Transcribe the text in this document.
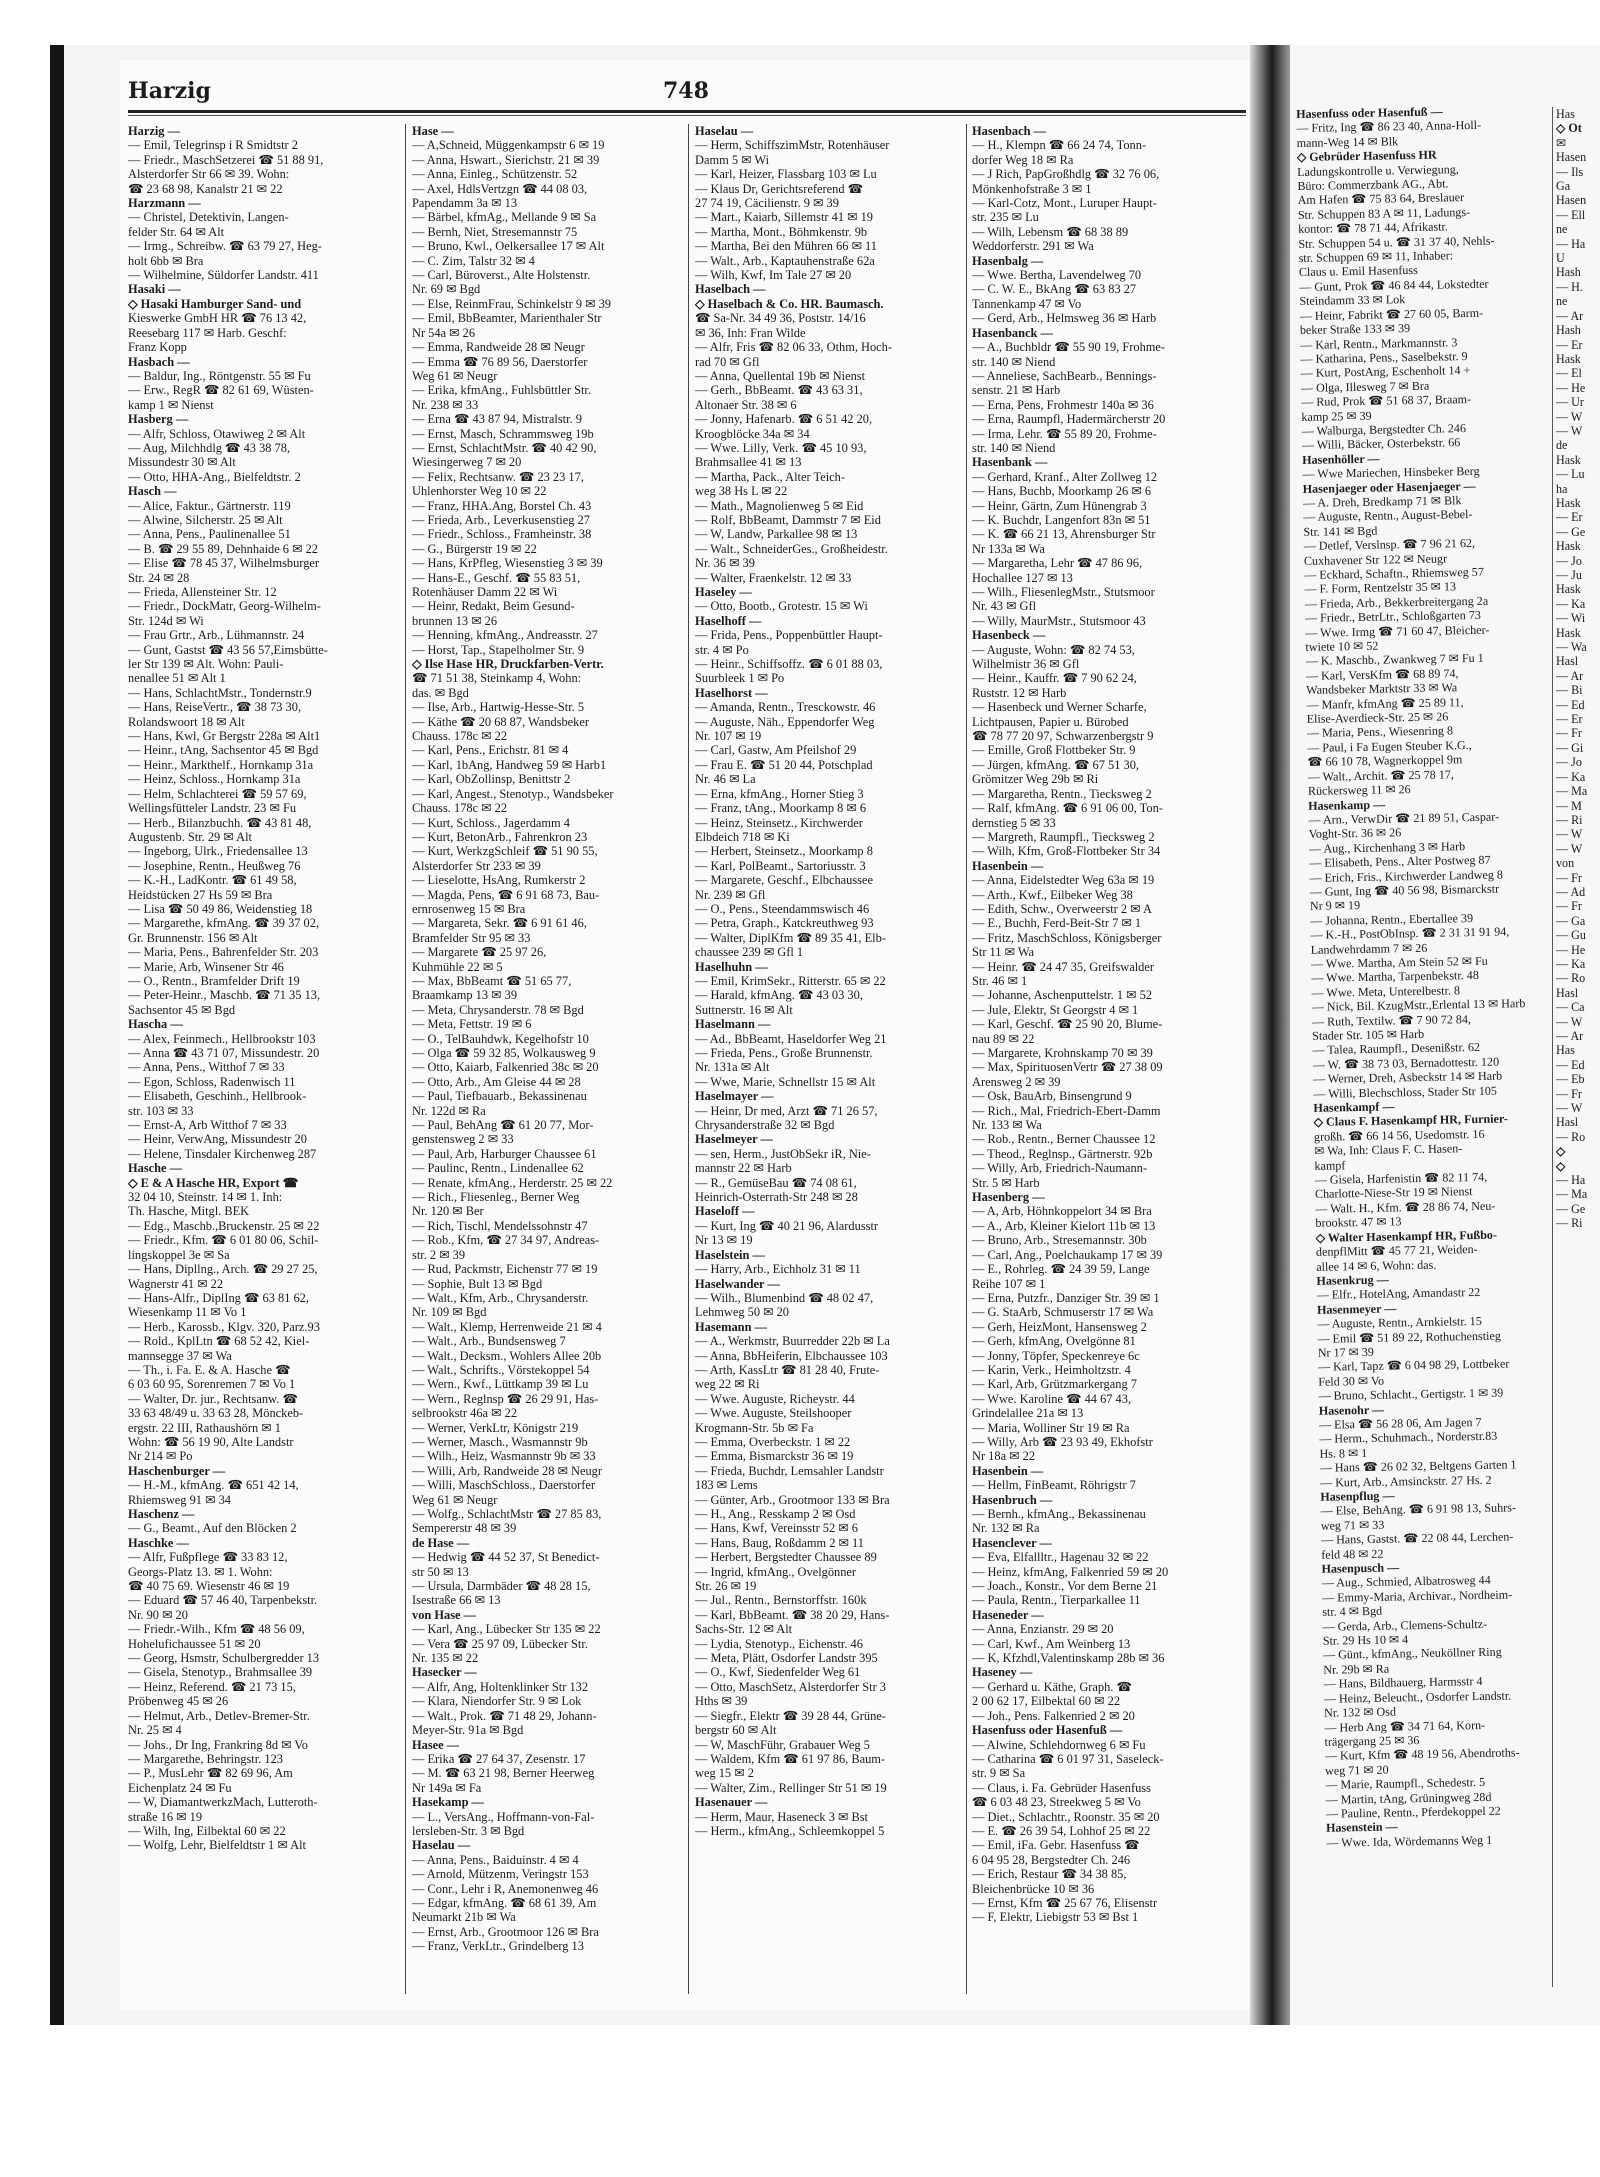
Harzig	748
Harzig —
— Emil, Telegrinsp i R Smidtstr 2
— Friedr., MaschSetzerei ☎ 51 88 91,
Alsterdorfer Str 66 ✉ 39. Wohn:
☎ 23 68 98, Kanalstr 21 ✉ 22
Harzmann —
— Christel, Detektivin, Langen-
felder Str. 64 ✉ Alt
— Irmg., Schreibw. ☎ 63 79 27, Heg-
holt 6bb ✉ Bra
— Wilhelmine, Süldorfer Landstr. 411
Hasaki —
◇ Hasaki Hamburger Sand- und
Kieswerke GmbH HR ☎ 76 13 42,
Reesebarg 117 ✉ Harb. Geschf:
Franz Kopp
Hasbach —
— Baldur, Ing., Röntgenstr. 55 ✉ Fu
— Erw., RegR ☎ 82 61 69, Wüsten-
kamp 1 ✉ Nienst
Hasberg —
— Alfr, Schloss, Otawiweg 2 ✉ Alt
— Aug, Milchhdlg ☎ 43 38 78,
Missundestr 30 ✉ Alt
— Otto, HHA-Ang., Bielfeldtstr. 2
Hasch —
— Alice, Faktur., Gärtnerstr. 119
— Alwine, Silcherstr. 25 ✉ Alt
— Anna, Pens., Paulinenallee 51
— B. ☎ 29 55 89, Dehnhaide 6 ✉ 22
— Elise ☎ 78 45 37, Wilhelmsburger
Str. 24 ✉ 28
— Frieda, Allensteiner Str. 12
— Friedr., DockMatr, Georg-Wilhelm-
Str. 124d ✉ Wi
— Frau Grtr., Arb., Lühmannstr. 24
— Gunt, Gastst ☎ 43 56 57,Eimsbütte-
ler Str 139 ✉ Alt. Wohn: Pauli-
nenallee 51 ✉ Alt 1
— Hans, SchlachtMstr., Tondernstr.9
— Hans, ReiseVertr., ☎ 38 73 30,
Rolandswoort 18 ✉ Alt
— Hans, Kwl, Gr Bergstr 228a ✉ Alt1
— Heinr., tAng, Sachsentor 45 ✉ Bgd
— Heinr., Markthelf., Hornkamp 31a
— Heinz, Schloss., Hornkamp 31a
— Helm, Schlachterei ☎ 59 57 69,
Wellingsfütteler Landstr. 23 ✉ Fu
— Herb., Bilanzbuchh. ☎ 43 81 48,
Augustenb. Str. 29 ✉ Alt
— Ingeborg, Ulrk., Friedensallee 13
— Josephine, Rentn., Heußweg 76
— K.-H., LadKontr. ☎ 61 49 58,
Heidstücken 27 Hs 59 ✉ Bra
— Lisa ☎ 50 49 86, Weidenstieg 18
— Margarethe, kfmAng. ☎ 39 37 02,
Gr. Brunnenstr. 156 ✉ Alt
— Maria, Pens., Bahrenfelder Str. 203
— Marie, Arb, Winsener Str 46
— O., Rentn., Bramfelder Drift 19
— Peter-Heinr., Maschb. ☎ 71 35 13,
Sachsentor 45 ✉ Bgd
Hascha —
— Alex, Feinmech., Hellbrookstr 103
— Anna ☎ 43 71 07, Missundestr. 20
— Anna, Pens., Witthof 7 ✉ 33
— Egon, Schloss, Radenwisch 11
— Elisabeth, Geschinh., Hellbrook-
str. 103 ✉ 33
— Ernst-A, Arb Witthof 7 ✉ 33
— Heinr, VerwAng, Missundestr 20
— Helene, Tinsdaler Kirchenweg 287
Hasche —
◇ E & A Hasche HR, Export ☎
32 04 10, Steinstr. 14 ✉ 1. Inh:
Th. Hasche, Mitgl. BEK
— Edg., Maschb.,Bruckenstr. 25 ✉ 22
— Friedr., Kfm. ☎ 6 01 80 06, Schil-
lingskoppel 3e ✉ Sa
— Hans, Dipllng., Arch. ☎ 29 27 25,
Wagnerstr 41 ✉ 22
— Hans-Alfr., DiplIng ☎ 63 81 62,
Wiesenkamp 11 ✉ Vo 1
— Herb., Karossb., Klgv. 320, Parz.93
— Rold., KplLtn ☎ 68 52 42, Kiel-
mannsegge 37 ✉ Wa
— Th., i. Fa. E. & A. Hasche ☎
6 03 60 95, Sorenremen 7 ✉ Vo 1
— Walter, Dr. jur., Rechtsanw. ☎
33 63 48/49 u. 33 63 28, Mönckeb-
ergstr. 22 III, Rathaushörn ✉ 1
Wohn: ☎ 56 19 90, Alte Landstr
Nr 214 ✉ Po
Haschenburger —
— H.-M., kfmAng. ☎ 651 42 14,
Rhiemsweg 91 ✉ 34
Haschenz —
— G., Beamt., Auf den Blöcken 2
Haschke —
— Alfr, Fußpflege ☎ 33 83 12,
Georgs-Platz 13. ✉ 1. Wohn:
☎ 40 75 69. Wiesenstr 46 ✉ 19
— Eduard ☎ 57 46 40, Tarpenbekstr.
Nr. 90 ✉ 20
— Friedr.-Wilh., Kfm ☎ 48 56 09,
Hohelufichaussee 51 ✉ 20
— Georg, Hsmstr, Schulbergredder 13
— Gisela, Stenotyp., Brahmsallee 39
— Heinz, Referend. ☎ 21 73 15,
Pröbenweg 45 ✉ 26
— Helmut, Arb., Detlev-Bremer-Str.
Nr. 25 ✉ 4
— Johs., Dr Ing, Frankring 8d ✉ Vo
— Margarethe, Behringstr. 123
— P., MusLehr ☎ 82 69 96, Am
Eichenplatz 24 ✉ Fu
— W, DiamantwerkzMach, Lutteroth-
straße 16 ✉ 19
— Wilh, Ing, Eilbektal 60 ✉ 22
— Wolfg, Lehr, Bielfeldtstr 1 ✉ Alt
Hase —
— A,Schneid, Müggenkampstr 6 ✉ 19
— Anna, Hswart., Sierichstr. 21 ✉ 39
— Anna, Einleg., Schützenstr. 52
— Axel, HdlsVertzgn ☎ 44 08 03,
Papendamm 3a ✉ 13
— Bärbel, kfmAg., Mellande 9 ✉ Sa
— Bernh, Niet, Stresemannstr 75
— Bruno, Kwl., Oelkersallee 17 ✉ Alt
— C. Zim, Talstr 32 ✉ 4
— Carl, Büroverst., Alte Holstenstr.
Nr. 69 ✉ Bgd
— Else, ReinmFrau, Schinkelstr 9 ✉ 39
— Emil, BbBeamter, Marienthaler Str
Nr 54a ✉ 26
— Emma, Randweide 28 ✉ Neugr
— Emma ☎ 76 89 56, Daerstorfer
Weg 61 ✉ Neugr
— Erika, kfmAng., Fuhlsbüttler Str.
Nr. 238 ✉ 33
— Erna ☎ 43 87 94, Mistralstr. 9
— Ernst, Masch, Schrammsweg 19b
— Ernst, SchlachtMstr. ☎ 40 42 90,
Wiesingerweg 7 ✉ 20
— Felix, Rechtsanw. ☎ 23 23 17,
Uhlenhorster Weg 10 ✉ 22
— Franz, HHA.Ang, Borstel Ch. 43
— Frieda, Arb., Leverkusenstieg 27
— Friedr., Schloss., Framheinstr. 38
— G., Bürgerstr 19 ✉ 22
— Hans, KrPfleg, Wiesenstieg 3 ✉ 39
— Hans-E., Geschf. ☎ 55 83 51,
Rotenhäuser Damm 22 ✉ Wi
— Heinr, Redakt, Beim Gesund-
brunnen 13 ✉ 26
— Henning, kfmAng., Andreasstr. 27
— Horst, Tap., Stapelholmer Str. 9
◇ Ilse Hase HR, Druckfarben-Vertr.
☎ 71 51 38, Steinkamp 4, Wohn:
das. ✉ Bgd
— Ilse, Arb., Hartwig-Hesse-Str. 5
— Käthe ☎ 20 68 87, Wandsbeker
Chauss. 178c ✉ 22
— Karl, Pens., Erichstr. 81 ✉ 4
— Karl, 1bAng, Handweg 59 ✉ Harb1
— Karl, ObZollinsp, Benittstr 2
— Karl, Angest., Stenotyp., Wandsbeker
Chauss. 178c ✉ 22
— Kurt, Schloss., Jagerdamm 4
— Kurt, BetonArb., Fahrenkron 23
— Kurt, WerkzgSchleif ☎ 51 90 55,
Alsterdorfer Str 233 ✉ 39
— Lieselotte, HsAng, Rumkerstr 2
— Magda, Pens, ☎ 6 91 68 73, Bau-
ernrosenweg 15 ✉ Bra
— Margareta, Sekr. ☎ 6 91 61 46,
Bramfelder Str 95 ✉ 33
— Margarete ☎ 25 97 26,
Kuhmühle 22 ✉ 5
— Max, BbBeamt ☎ 51 65 77,
Braamkamp 13 ✉ 39
— Meta, Chrysanderstr. 78 ✉ Bgd
— Meta, Fettstr. 19 ✉ 6
— O., TelBauhdwk, Kegelhofstr 10
— Olga ☎ 59 32 85, Wolkausweg 9
— Otto, Kaiarb, Falkenried 38c ✉ 20
— Otto, Arb., Am Gleise 44 ✉ 28
— Paul, Tiefbauarb., Bekassinenau
Nr. 122d ✉ Ra
— Paul, BehAng ☎ 61 20 77, Mor-
genstensweg 2 ✉ 33
— Paul, Arb, Harburger Chaussee 61
— Paulinc, Rentn., Lindenallee 62
— Renate, kfmAng., Herderstr. 25 ✉ 22
— Rich., Fliesenleg., Berner Weg
Nr. 120 ✉ Ber
— Rich, Tischl, Mendelssohnstr 47
— Rob., Kfm, ☎ 27 34 97, Andreas-
str. 2 ✉ 39
— Rud, Packmstr, Eichenstr 77 ✉ 19
— Sophie, Bult 13 ✉ Bgd
— Walt., Kfm, Arb., Chrysanderstr.
Nr. 109 ✉ Bgd
— Walt., Klemp, Herrenweide 21 ✉ 4
— Walt., Arb., Bundsensweg 7
— Walt., Decksm., Wohlers Allee 20b
— Walt., Schrifts., Vörstekoppel 54
— Wern., Kwf., Lüttkamp 39 ✉ Lu
— Wern., Reglnsp ☎ 26 29 91, Has-
selbrookstr 46a ✉ 22
— Werner, VerkLtr, Königstr 219
— Werner, Masch., Wasmannstr 9b
— Wilh., Heiz, Wasmannstr 9b ✉ 33
— Willi, Arb, Randweide 28 ✉ Neugr
— Willi, MaschSchloss., Daerstorfer
Weg 61 ✉ Neugr
— Wolfg., SchlachtMstr ☎ 27 85 83,
Sempererstr 48 ✉ 39
de Hase —
— Hedwig ☎ 44 52 37, St Benedict-
str 50 ✉ 13
— Ursula, Darmbäder ☎ 48 28 15,
Isestraße 66 ✉ 13
von Hase —
— Karl, Ang., Lübecker Str 135 ✉ 22
— Vera ☎ 25 97 09, Lübecker Str.
Nr. 135 ✉ 22
Hasecker —
— Alfr, Ang, Holtenklinker Str 132
— Klara, Niendorfer Str. 9 ✉ Lok
— Walt., Prok. ☎ 71 48 29, Johann-
Meyer-Str. 91a ✉ Bgd
Hasee —
— Erika ☎ 27 64 37, Zesenstr. 17
— M. ☎ 63 21 98, Berner Heerweg
Nr 149a ✉ Fa
Hasekamp —
— L., VersAng., Hoffmann-von-Fal-
lersleben-Str. 3 ✉ Bgd
Haselau —
— Anna, Pens., Baiduinstr. 4 ✉ 4
— Arnold, Mützenm, Veringstr 153
— Conr., Lehr i R, Anemonenweg 46
— Edgar, kfmAng. ☎ 68 61 39, Am
Neumarkt 21b ✉ Wa
— Ernst, Arb., Grootmoor 126 ✉ Bra
— Franz, VerkLtr., Grindelberg 13
Haselau —
— Herm, SchiffszimMstr, Rotenhäuser
Damm 5 ✉ Wi
— Karl, Heizer, Flassbarg 103 ✉ Lu
— Klaus Dr, Gerichtsreferend ☎
27 74 19, Cäcilienstr. 9 ✉ 39
— Mart., Kaiarb, Sillemstr 41 ✉ 19
— Martha, Mont., Böhmkenstr. 9b
— Martha, Bei den Mühren 66 ✉ 11
— Walt., Arb., Kaptauhenstraße 62a
— Wilh, Kwf, Im Tale 27 ✉ 20
Haselbach —
◇ Haselbach & Co. HR. Baumasch.
☎ Sa-Nr. 34 49 36, Poststr. 14/16
✉ 36, Inh: Fran Wilde
— Alfr, Fris ☎ 82 06 33, Othm, Hoch-
rad 70 ✉ Gfl
— Anna, Quellental 19b ✉ Nienst
— Gerh., BbBeamt. ☎ 43 63 31,
Altonaer Str. 38 ✉ 6
— Jonny, Hafenarb. ☎ 6 51 42 20,
Kroogblöcke 34a ✉ 34
— Wwe. Lilly, Verk. ☎ 45 10 93,
Brahmsallee 41 ✉ 13
— Martha, Pack., Alter Teich-
weg 38 Hs L ✉ 22
— Math., Magnolienweg 5 ✉ Eid
— Rolf, BbBeamt, Dammstr 7 ✉ Eid
— W, Landw, Parkallee 98 ✉ 13
— Walt., SchneiderGes., Großheidestr.
Nr. 36 ✉ 39
— Walter, Fraenkelstr. 12 ✉ 33
Haseley —
— Otto, Bootb., Grotestr. 15 ✉ Wi
Haselhoff —
— Frida, Pens., Poppenbüttler Haupt-
str. 4 ✉ Po
— Heinr., Schiffsoffz. ☎ 6 01 88 03,
Suurbleek 1 ✉ Po
Haselhorst —
— Amanda, Rentn., Tresckowstr. 46
— Auguste, Näh., Eppendorfer Weg
Nr. 107 ✉ 19
— Carl, Gastw, Am Pfeilshof 29
— Frau E. ☎ 51 20 44, Potschplad
Nr. 46 ✉ La
— Erna, kfmAng., Horner Stieg 3
— Franz, tAng., Moorkamp 8 ✉ 6
— Heinz, Steinsetz., Kirchwerder
Elbdeich 718 ✉ Ki
— Herbert, Steinsetz., Moorkamp 8
— Karl, PolBeamt., Sartoriusstr. 3
— Margarete, Geschf., Elbchaussee
Nr. 239 ✉ Gfl
— O., Pens., Steendammswisch 46
— Petra, Graph., Katckreuthweg 93
— Walter, DiplKfm ☎ 89 35 41, Elb-
chaussee 239 ✉ Gfl 1
Haselhuhn —
— Emil, KrimSekr., Ritterstr. 65 ✉ 22
— Harald, kfmAng. ☎ 43 03 30,
Suttnerstr. 16 ✉ Alt
Haselmann —
— Ad., BbBeamt, Haseldorfer Weg 21
— Frieda, Pens., Große Brunnenstr.
Nr. 131a ✉ Alt
— Wwe, Marie, Schnellstr 15 ✉ Alt
Haselmayer —
— Heinr, Dr med, Arzt ☎ 71 26 57,
Chrysanderstraße 32 ✉ Bgd
Haselmeyer —
— sen, Herm., JustObSekr iR, Nie-
mannstr 22 ✉ Harb
— R., GemüseBau ☎ 74 08 61,
Heinrich-Osterrath-Str 248 ✉ 28
Haseloff —
— Kurt, Ing ☎ 40 21 96, Alardusstr
Nr 13 ✉ 19
Haselstein —
— Harry, Arb., Eichholz 31 ✉ 11
Haselwander —
— Wilh., Blumenbind ☎ 48 02 47,
Lehmweg 50 ✉ 20
Hasemann —
— A., Werkmstr, Buurredder 22b ✉ La
— Anna, BbHeiferin, Elbchaussee 103
— Arth, KassLtr ☎ 81 28 40, Frute-
weg 22 ✉ Ri
— Wwe. Auguste, Richeystr. 44
— Wwe. Auguste, Steilshooper
Krogmann-Str. 5b ✉ Fa
— Emma, Overbeckstr. 1 ✉ 22
— Emma, Bismarckstr 36 ✉ 19
— Frieda, Buchdr, Lemsahler Landstr
183 ✉ Lems
— Günter, Arb., Grootmoor 133 ✉ Bra
— H., Ang., Resskamp 2 ✉ Osd
— Hans, Kwf, Vereinsstr 52 ✉ 6
— Hans, Baug, Roßdamm 2 ✉ 11
— Herbert, Bergstedter Chaussee 89
— Ingrid, kfmAng., Ovelgönner
Str. 26 ✉ 19
— Jul., Rentn., Bernstorffstr. 160k
— Karl, BbBeamt. ☎ 38 20 29, Hans-
Sachs-Str. 12 ✉ Alt
— Lydia, Stenotyp., Eichenstr. 46
— Meta, Plätt, Osdorfer Landstr 395
— O., Kwf, Siedenfelder Weg 61
— Otto, MaschSetz, Alsterdorfer Str 3
Hths ✉ 39
— Siegfr., Elektr ☎ 39 28 44, Grüne-
bergstr 60 ✉ Alt
— W, MaschFühr, Grabauer Weg 5
— Waldem, Kfm ☎ 61 97 86, Baum-
weg 15 ✉ 2
— Walter, Zim., Rellinger Str 51 ✉ 19
Hasenauer —
— Herm, Maur, Haseneck 3 ✉ Bst
— Herm., kfmAng., Schleemkoppel 5
Hasenbach —
— H., Klempn ☎ 66 24 74, Tonn-
dorfer Weg 18 ✉ Ra
— J Rich, PapGroßhdlg ☎ 32 76 06,
Mönkenhofstraße 3 ✉ 1
— Karl-Cotz, Mont., Luruper Haupt-
str. 235 ✉ Lu
— Wilh, Lebensm ☎ 68 38 89
Weddorferstr. 291 ✉ Wa
Hasenbalg —
— Wwe. Bertha, Lavendelweg 70
— C. W. E., BkAng ☎ 63 83 27
Tannenkamp 47 ✉ Vo
— Gerd, Arb., Helmsweg 36 ✉ Harb
Hasenbanck —
— A., Buchbldr ☎ 55 90 19, Frohme-
str. 140 ✉ Niend
— Anneliese, SachBearb., Bennings-
senstr. 21 ✉ Harb
— Erna, Pens, Frohmestr 140a ✉ 36
— Erna, Raumpfl, Hadermärcherstr 20
— Irma, Lehr. ☎ 55 89 20, Frohme-
str. 140 ✉ Niend
Hasenbank —
— Gerhard, Kranf., Alter Zollweg 12
— Hans, Buchb, Moorkamp 26 ✉ 6
— Heinr, Gärtn, Zum Hünengrab 3
— K. Buchdr, Langenfort 83n ✉ 51
— K. ☎ 66 21 13, Ahrensburger Str
Nr 133a ✉ Wa
— Margaretha, Lehr ☎ 47 86 96,
Hochallee 127 ✉ 13
— Wilh., FliesenlegMstr., Stutsmoor
Nr. 43 ✉ Gfl
— Willy, MaurMstr., Stutsmoor 43
Hasenbeck —
— Auguste, Wohn: ☎ 82 74 53,
Wilhelmistr 36 ✉ Gfl
— Heinr., Kauffr. ☎ 7 90 62 24,
Ruststr. 12 ✉ Harb
— Hasenbeck und Werner Scharfe,
Lichtpausen, Papier u. Bürobed
☎ 78 77 20 97, Schwarzenbergstr 9
— Emille, Groß Flottbeker Str. 9
— Jürgen, kfmAng. ☎ 67 51 30,
Grömitzer Weg 29b ✉ Ri
— Margaretha, Rentn., Tiecksweg 2
— Ralf, kfmAng. ☎ 6 91 06 00, Ton-
dernstieg 5 ✉ 33
— Margreth, Raumpfl., Tiecksweg 2
— Wilh, Kfm, Groß-Flottbeker Str 34
Hasenbein —
— Anna, Eidelstedter Weg 63a ✉ 19
— Arth., Kwf., Eilbeker Weg 38
— Edith, Schw., Overweerstr 2 ✉ A
— E., Buchh, Ferd-Beit-Str 7 ✉ 1
— Fritz, MaschSchloss, Königsberger
Str 11 ✉ Wa
— Heinr. ☎ 24 47 35, Greifswalder
Str. 46 ✉ 1
— Johanne, Aschenputtelstr. 1 ✉ 52
— Jule, Elektr, St Georgstr 4 ✉ 1
— Karl, Geschf. ☎ 25 90 20, Blume-
nau 89 ✉ 22
— Margarete, Krohnskamp 70 ✉ 39
— Max, SpirituosenVertr ☎ 27 38 09
Arensweg 2 ✉ 39
— Osk, BauArb, Binsengrund 9
— Rich., Mal, Friedrich-Ebert-Damm
Nr. 133 ✉ Wa
— Rob., Rentn., Berner Chaussee 12
— Theod., Reglnsp., Gärtnerstr. 92b
— Willy, Arb, Friedrich-Naumann-
Str. 5 ✉ Harb
Hasenberg —
— A, Arb, Höhnkoppelort 34 ✉ Bra
— A., Arb, Kleiner Kielort 11b ✉ 13
— Bruno, Arb., Stresemannstr. 30b
— Carl, Ang., Poelchaukamp 17 ✉ 39
— E., Rohrleg. ☎ 24 39 59, Lange
Reihe 107 ✉ 1
— Erna, Putzfr., Danziger Str. 39 ✉ 1
— G. StaArb, Schmuserstr 17 ✉ Wa
— Gerh, HeizMont, Hansensweg 2
— Gerh, kfmAng, Ovelgönne 81
— Jonny, Töpfer, Speckenreye 6c
— Karin, Verk., Heimholtzstr. 4
— Karl, Arb, Grützmarkergang 7
— Wwe. Karoline ☎ 44 67 43,
Grindelallee 21a ✉ 13
— Maria, Wolliner Str 19 ✉ Ra
— Willy, Arb ☎ 23 93 49, Ekhofstr
Nr 18a ✉ 22
Hasenbein —
— Hellm, FinBeamt, Röhrigstr 7
Hasenbruch —
— Bernh., kfmAng., Bekassinenau
Nr. 132 ✉ Ra
Hasenclever —
— Eva, Elfallltr., Hagenau 32 ✉ 22
— Heinz, kfmAng, Falkenried 59 ✉ 20
— Joach., Konstr., Vor dem Berne 21
— Paula, Rentn., Tierparkallee 11
Haseneder —
— Anna, Enzianstr. 29 ✉ 20
— Carl, Kwf., Am Weinberg 13
— K, Kfzhdl,Valentinskamp 28b ✉ 36
Haseney —
— Gerhard u. Käthe, Graph. ☎
2 00 62 17, Eilbektal 60 ✉ 22
— Joh., Pens. Falkenried 2 ✉ 20
Hasenfuss oder Hasenfuß —
— Alwine, Schlehdornweg 6 ✉ Fu
— Catharina ☎ 6 01 97 31, Saseleck-
str. 9 ✉ Sa
— Claus, i. Fa. Gebrüder Hasenfuss
☎ 6 03 48 23, Streekweg 5 ✉ Vo
— Diet., Schlachtr., Roonstr. 35 ✉ 20
— E. ☎ 26 39 54, Lohhof 25 ✉ 22
— Emil, iFa. Gebr. Hasenfuss ☎
6 04 95 28, Bergstedter Ch. 246
— Erich, Restaur ☎ 34 38 85,
Bleichenbrücke 10 ✉ 36
— Ernst, Kfm ☎ 25 67 76, Elisenstr
— F, Elektr, Liebigstr 53 ✉ Bst 1
Hasenfuss oder Hasenfuß —
— Fritz, Ing ☎ 86 23 40, Anna-Holl-
mann-Weg 14 ✉ Blk
◇ Gebrüder Hasenfuss HR
Ladungskontrolle u. Verwiegung,
Büro: Commerzbank AG., Abt.
Am Hafen ☎ 75 83 64, Breslauer
Str. Schuppen 83 A ✉ 11, Ladungs-
kontor: ☎ 78 71 44, Afrikastr.
Str. Schuppen 54 u. ☎ 31 37 40, Nehls-
str. Schuppen 69 ✉ 11, Inhaber:
Claus u. Emil Hasenfuss
— Gunt, Prok ☎ 46 84 44, Lokstedter
Steindamm 33 ✉ Lok
— Heinr, Fabrikt ☎ 27 60 05, Barm-
beker Straße 133 ✉ 39
— Karl, Rentn., Markmannstr. 3
— Katharina, Pens., Saselbekstr. 9
— Kurt, PostAng, Eschenholt 14 +
— Olga, Illesweg 7 ✉ Bra
— Rud, Prok ☎ 51 68 37, Braam-
kamp 25 ✉ 39
— Walburga, Bergstedter Ch. 246
— Willi, Bäcker, Osterbekstr. 66
Hasenhöller —
— Wwe Mariechen, Hinsbeker Berg
Hasenjaeger oder Hasenjaeger —
— A. Dreh, Bredkamp 71 ✉ Blk
— Auguste, Rentn., August-Bebel-
Str. 141 ✉ Bgd
— Detlef, Verslnsp. ☎ 7 96 21 62,
Cuxhavener Str 122 ✉ Neugr
— Eckhard, Schaftn., Rhiemsweg 57
— F. Form, Rentzelstr 35 ✉ 13
— Frieda, Arb., Bekkerbreitergang 2a
— Friedr., BetrLtr., Schloßgarten 73
— Wwe. Irmg ☎ 71 60 47, Bleicher-
twiete 10 ✉ 52
— K. Maschb., Zwankweg 7 ✉ Fu 1
— Karl, VersKfm ☎ 68 89 74,
Wandsbeker Marktstr 33 ✉ Wa
— Manfr, kfmAng ☎ 25 89 11,
Elise-Averdieck-Str. 25 ✉ 26
— Maria, Pens., Wiesenring 8
— Paul, i Fa Eugen Steuber K.G.,
☎ 66 10 78, Wagnerkoppel 9m
— Walt., Archit. ☎ 25 78 17,
Rückersweg 11 ✉ 26
Hasenkamp —
— Arn., VerwDir ☎ 21 89 51, Caspar-
Voght-Str. 36 ✉ 26
— Aug., Kirchenhang 3 ✉ Harb
— Elisabeth, Pens., Alter Postweg 87
— Erich, Fris., Kirchwerder Landweg 8
— Gunt, Ing ☎ 40 56 98, Bismarckstr
Nr 9 ✉ 19
— Johanna, Rentn., Ebertallee 39
— K.-H., PostObInsp. ☎ 2 31 31 91 94,
Landwehrdamm 7 ✉ 26
— Wwe. Martha, Am Stein 52 ✉ Fu
— Wwe. Martha, Tarpenbekstr. 48
— Wwe. Meta, Unterelbestr. 8
— Nick, Bil. KzugMstr.,Erlental 13 ✉ Harb
— Ruth, Textilw. ☎ 7 90 72 84,
Stader Str. 105 ✉ Harb
— Talea, Raumpfl., Desenißstr. 62
— W. ☎ 38 73 03, Bernadottestr. 120
— Werner, Dreh, Asbeckstr 14 ✉ Harb
— Willi, Blechschloss, Stader Str 105
Hasenkampf —
◇ Claus F. Hasenkampf HR, Furnier-
großh. ☎ 66 14 56, Usedomstr. 16
✉ Wa, Inh: Claus F. C. Hasen-
kampf
— Gisela, Harfenistin ☎ 82 11 74,
Charlotte-Niese-Str 19 ✉ Nienst
— Walt. H., Kfm. ☎ 28 86 74, Neu-
brookstr. 47 ✉ 13
◇ Walter Hasenkampf HR, Fußbo-
denpflMitt ☎ 45 77 21, Weiden-
allee 14 ✉ 6, Wohn: das.
Hasenkrug —
— Elfr., HotelAng, Amandastr 22
Hasenmeyer —
— Auguste, Rentn., Arnkielstr. 15
— Emil ☎ 51 89 22, Rothuchenstieg
Nr 17 ✉ 39
— Karl, Tapz ☎ 6 04 98 29, Lottbeker
Feld 30 ✉ Vo
— Bruno, Schlacht., Gertigstr. 1 ✉ 39
Hasenohr —
— Elsa ☎ 56 28 06, Am Jagen 7
— Herm., Schuhmach., Norderstr.83
Hs. 8 ✉ 1
— Hans ☎ 26 02 32, Beltgens Garten 1
— Kurt, Arb., Amsinckstr. 27 Hs. 2
Hasenpflug —
— Else, BehAng. ☎ 6 91 98 13, Suhrs-
weg 71 ✉ 33
— Hans, Gastst. ☎ 22 08 44, Lerchen-
feld 48 ✉ 22
Hasenpusch —
— Aug., Schmied, Albatrosweg 44
— Emmy-Maria, Archivar., Nordheim-
str. 4 ✉ Bgd
— Gerda, Arb., Clemens-Schultz-
Str. 29 Hs 10 ✉ 4
— Günt., kfmAng., Neuköllner Ring
Nr. 29b ✉ Ra
— Hans, Bildhauerg, Harmsstr 4
— Heinz, Beleucht., Osdorfer Landstr.
Nr. 132 ✉ Osd
— Herb Ang ☎ 34 71 64, Korn-
trägergang 25 ✉ 36
— Kurt, Kfm ☎ 48 19 56, Abendroths-
weg 71 ✉ 20
— Marie, Raumpfl., Schedestr. 5
— Martin, tAng, Grüningweg 28d
— Pauline, Rentn., Pferdekoppel 22
Hasenstein —
— Wwe. Ida, Wördemanns Weg 1
Has
◇ Ot
✉
Hasen
— Ils
Ga
Hasen
— Ell
ne
— Ha
U
Hash
— H.
ne
— Ar
Hash
— Er
Hask
— El
— He
— Ur
— W
— W
de
Hask
— Lu
ha
Hask
— Er
— Ge
Hask
— Jo
— Ju
Hask
— Ka
— Wi
Hask
— Wa
Hasl
— Ar
— Bi
— Ed
— Er
— Fr
— Gi
— Jo
— Ka
— Ma
— M
— Ri
— W
— W
von
— Fr
— Ad
— Fr
— Ga
— Gu
— He
— Ka
— Ro
Hasl
— Ca
— W
— Ar
Has
— Ed
— Eb
— Fr
— W
Hasl
— Ro
◇
◇
— Ha
— Ma
— Ge
— Ri
